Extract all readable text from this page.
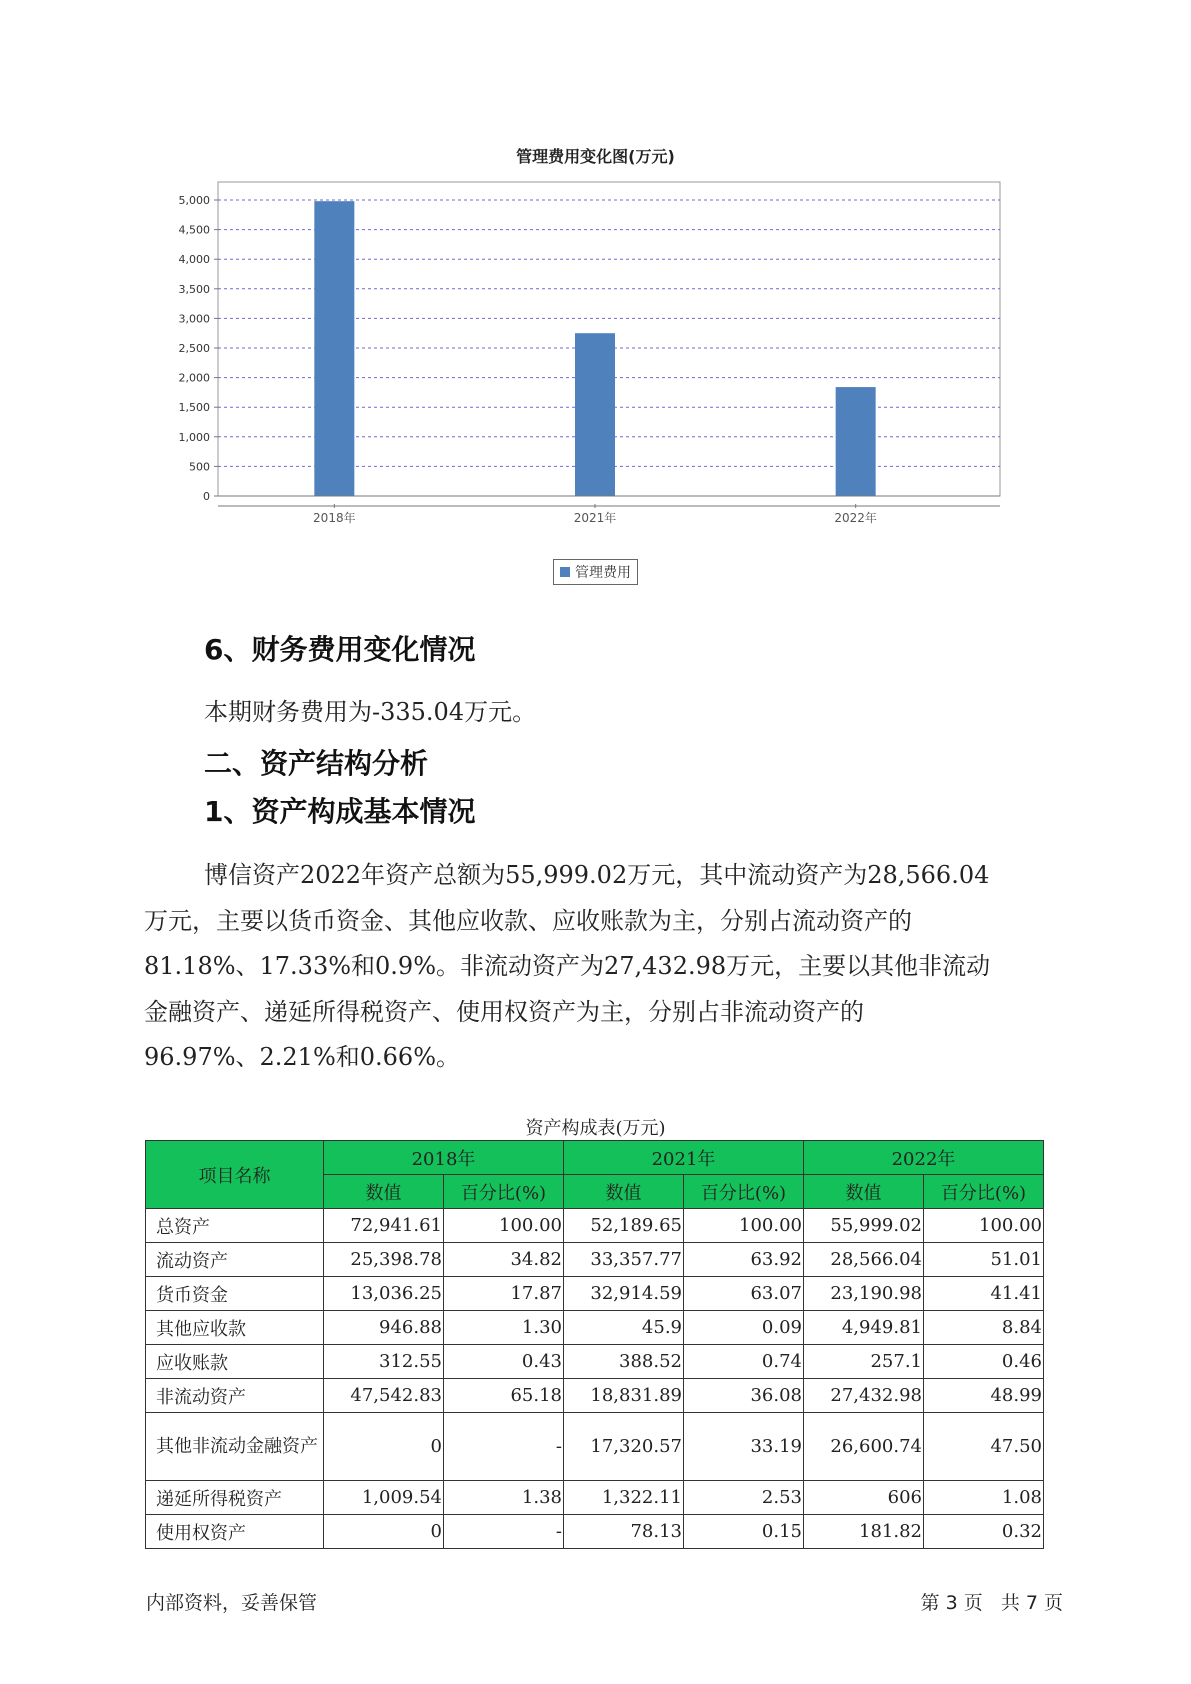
管理费用变化图(万元)
0
500
1,000
1,500
2,000
2,500
3,000
3,500
4,000
4,500
5,000
2018年	2021年	2022年
管理费用
6、财务费用变化情况
本期财务费用为-335.04万元。
二、资产结构分析
1、资产构成基本情况
博信资产2022年资产总额为55,999.02万元，其中流动资产为28,566.04
万元，主要以货币资金、其他应收款、应收账款为主，分别占流动资产的
81.18%、17.33%和0.9%。非流动资产为27,432.98万元，主要以其他非流动
金融资产、递延所得税资产、使用权资产为主，分别占非流动资产的
96.97%、2.21%和0.66%。
资产构成表(万元)
项目名称	2018年		2021年		2022年	
	数值	百分比(%)	数值	百分比(%)	数值	百分比(%)
总资产	72,941.61	100.00	52,189.65	100.00	55,999.02	100.00
流动资产	25,398.78	34.82	33,357.77	63.92	28,566.04	51.01
货币资金	13,036.25	17.87	32,914.59	63.07	23,190.98	41.41
其他应收款	946.88	1.30	45.9	0.09	4,949.81	8.84
应收账款	312.55	0.43	388.52	0.74	257.1	0.46
非流动资产	47,542.83	65.18	18,831.89	36.08	27,432.98	48.99
其他非流动金融资产	0	-	17,320.57	33.19	26,600.74	47.50
递延所得税资产	1,009.54	1.38	1,322.11	2.53	606	1.08
使用权资产	0	-	78.13	0.15	181.82	0.32
内部资料，妥善保管	第 3 页   共 7 页
